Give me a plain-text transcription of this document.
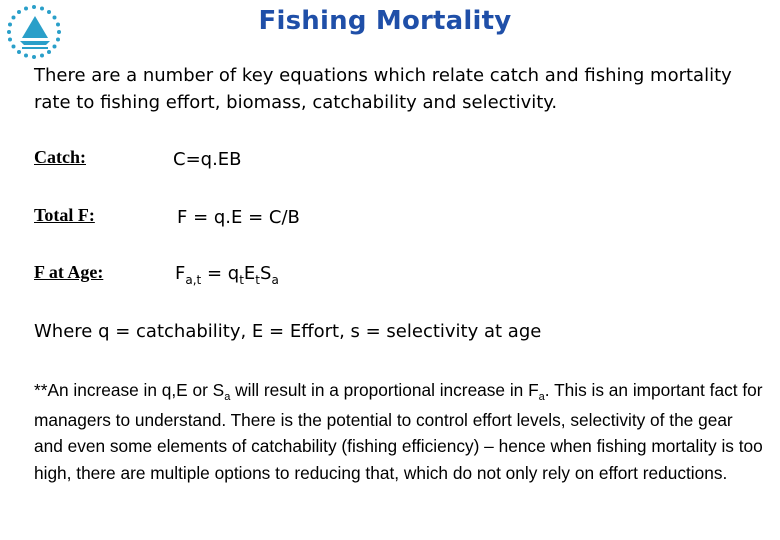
Fishing Mortality
There are a number of key equations which relate catch and fishing mortality rate to fishing effort, biomass, catchability and selectivity.
Catch:	C=q.EB
Total F:	F = q.E = C/B
F at Age:	$F_{a,t} = q_tE_tS_a$
Where q = catchability, E = Effort, s = selectivity at age
**An increase in q,E or $S_a$ will result in a proportional increase in $F_a$. This is an important fact for managers to understand. There is the potential to control effort levels, selectivity of the gear and even some elements of catchability (fishing efficiency) – hence when fishing mortality is too high, there are multiple options to reducing that, which do not only rely on effort reductions.
